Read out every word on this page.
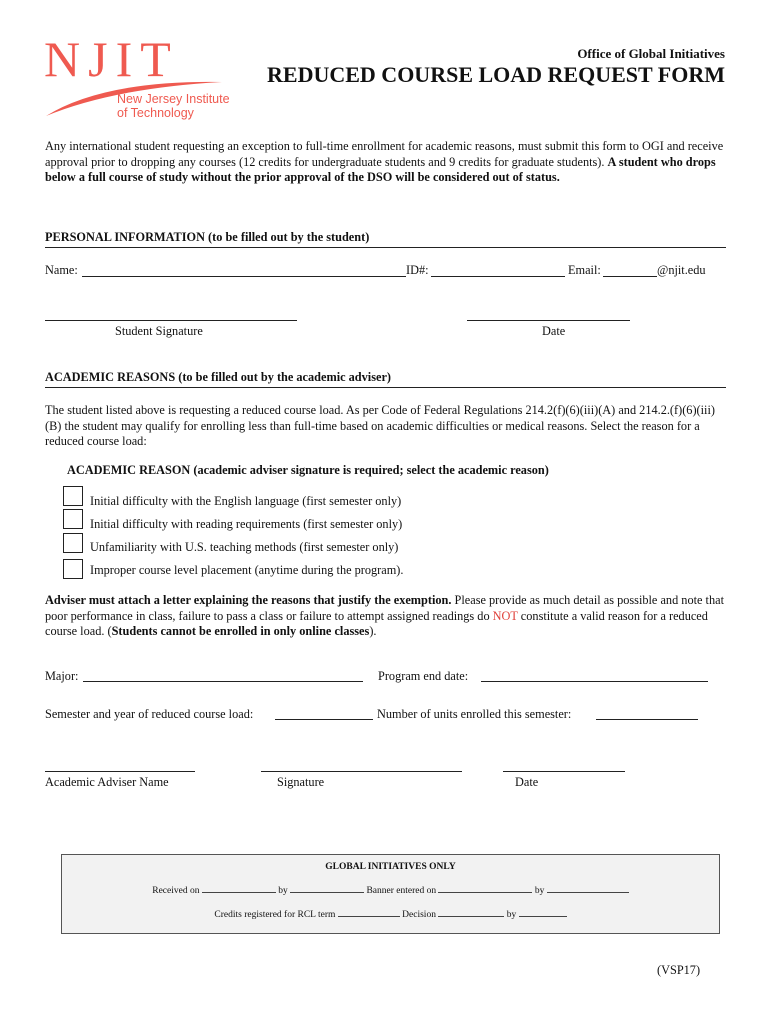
NJIT
New Jersey Institute
of Technology
Office of Global Initiatives
REDUCED COURSE LOAD REQUEST FORM
Any international student requesting an exception to full-time enrollment for academic reasons, must submit this form to OGI and receive approval prior to dropping any courses (12 credits for undergraduate students and 9 credits for graduate students). A student who drops below a full course of study without the prior approval of the DSO will be considered out of status.
PERSONAL INFORMATION (to be filled out by the student)
Name:	ID#:	Email:	@njit.edu
Student Signature	Date
ACADEMIC REASONS (to be filled out by the academic adviser)
The student listed above is requesting a reduced course load. As per Code of Federal Regulations 214.2(f)(6)(iii)(A) and 214.2.(f)(6)(iii)(B) the student may qualify for enrolling less than full-time based on academic difficulties or medical reasons. Select the reason for a reduced course load:
ACADEMIC REASON (academic adviser signature is required; select the academic reason)
Initial difficulty with the English language (first semester only)
Initial difficulty with reading requirements (first semester only)
Unfamiliarity with U.S. teaching methods (first semester only)
Improper course level placement (anytime during the program).
Adviser must attach a letter explaining the reasons that justify the exemption. Please provide as much detail as possible and note that poor performance in class, failure to pass a class or failure to attempt assigned readings do NOT constitute a valid reason for a reduced course load. (Students cannot be enrolled in only online classes).
Major:	Program end date:
Semester and year of reduced course load:	Number of units enrolled this semester:
Academic Adviser Name	Signature	Date
GLOBAL INITIATIVES ONLY
Received on	by	Banner entered on	by
Credits registered for RCL term	Decision	by
(VSP17)
